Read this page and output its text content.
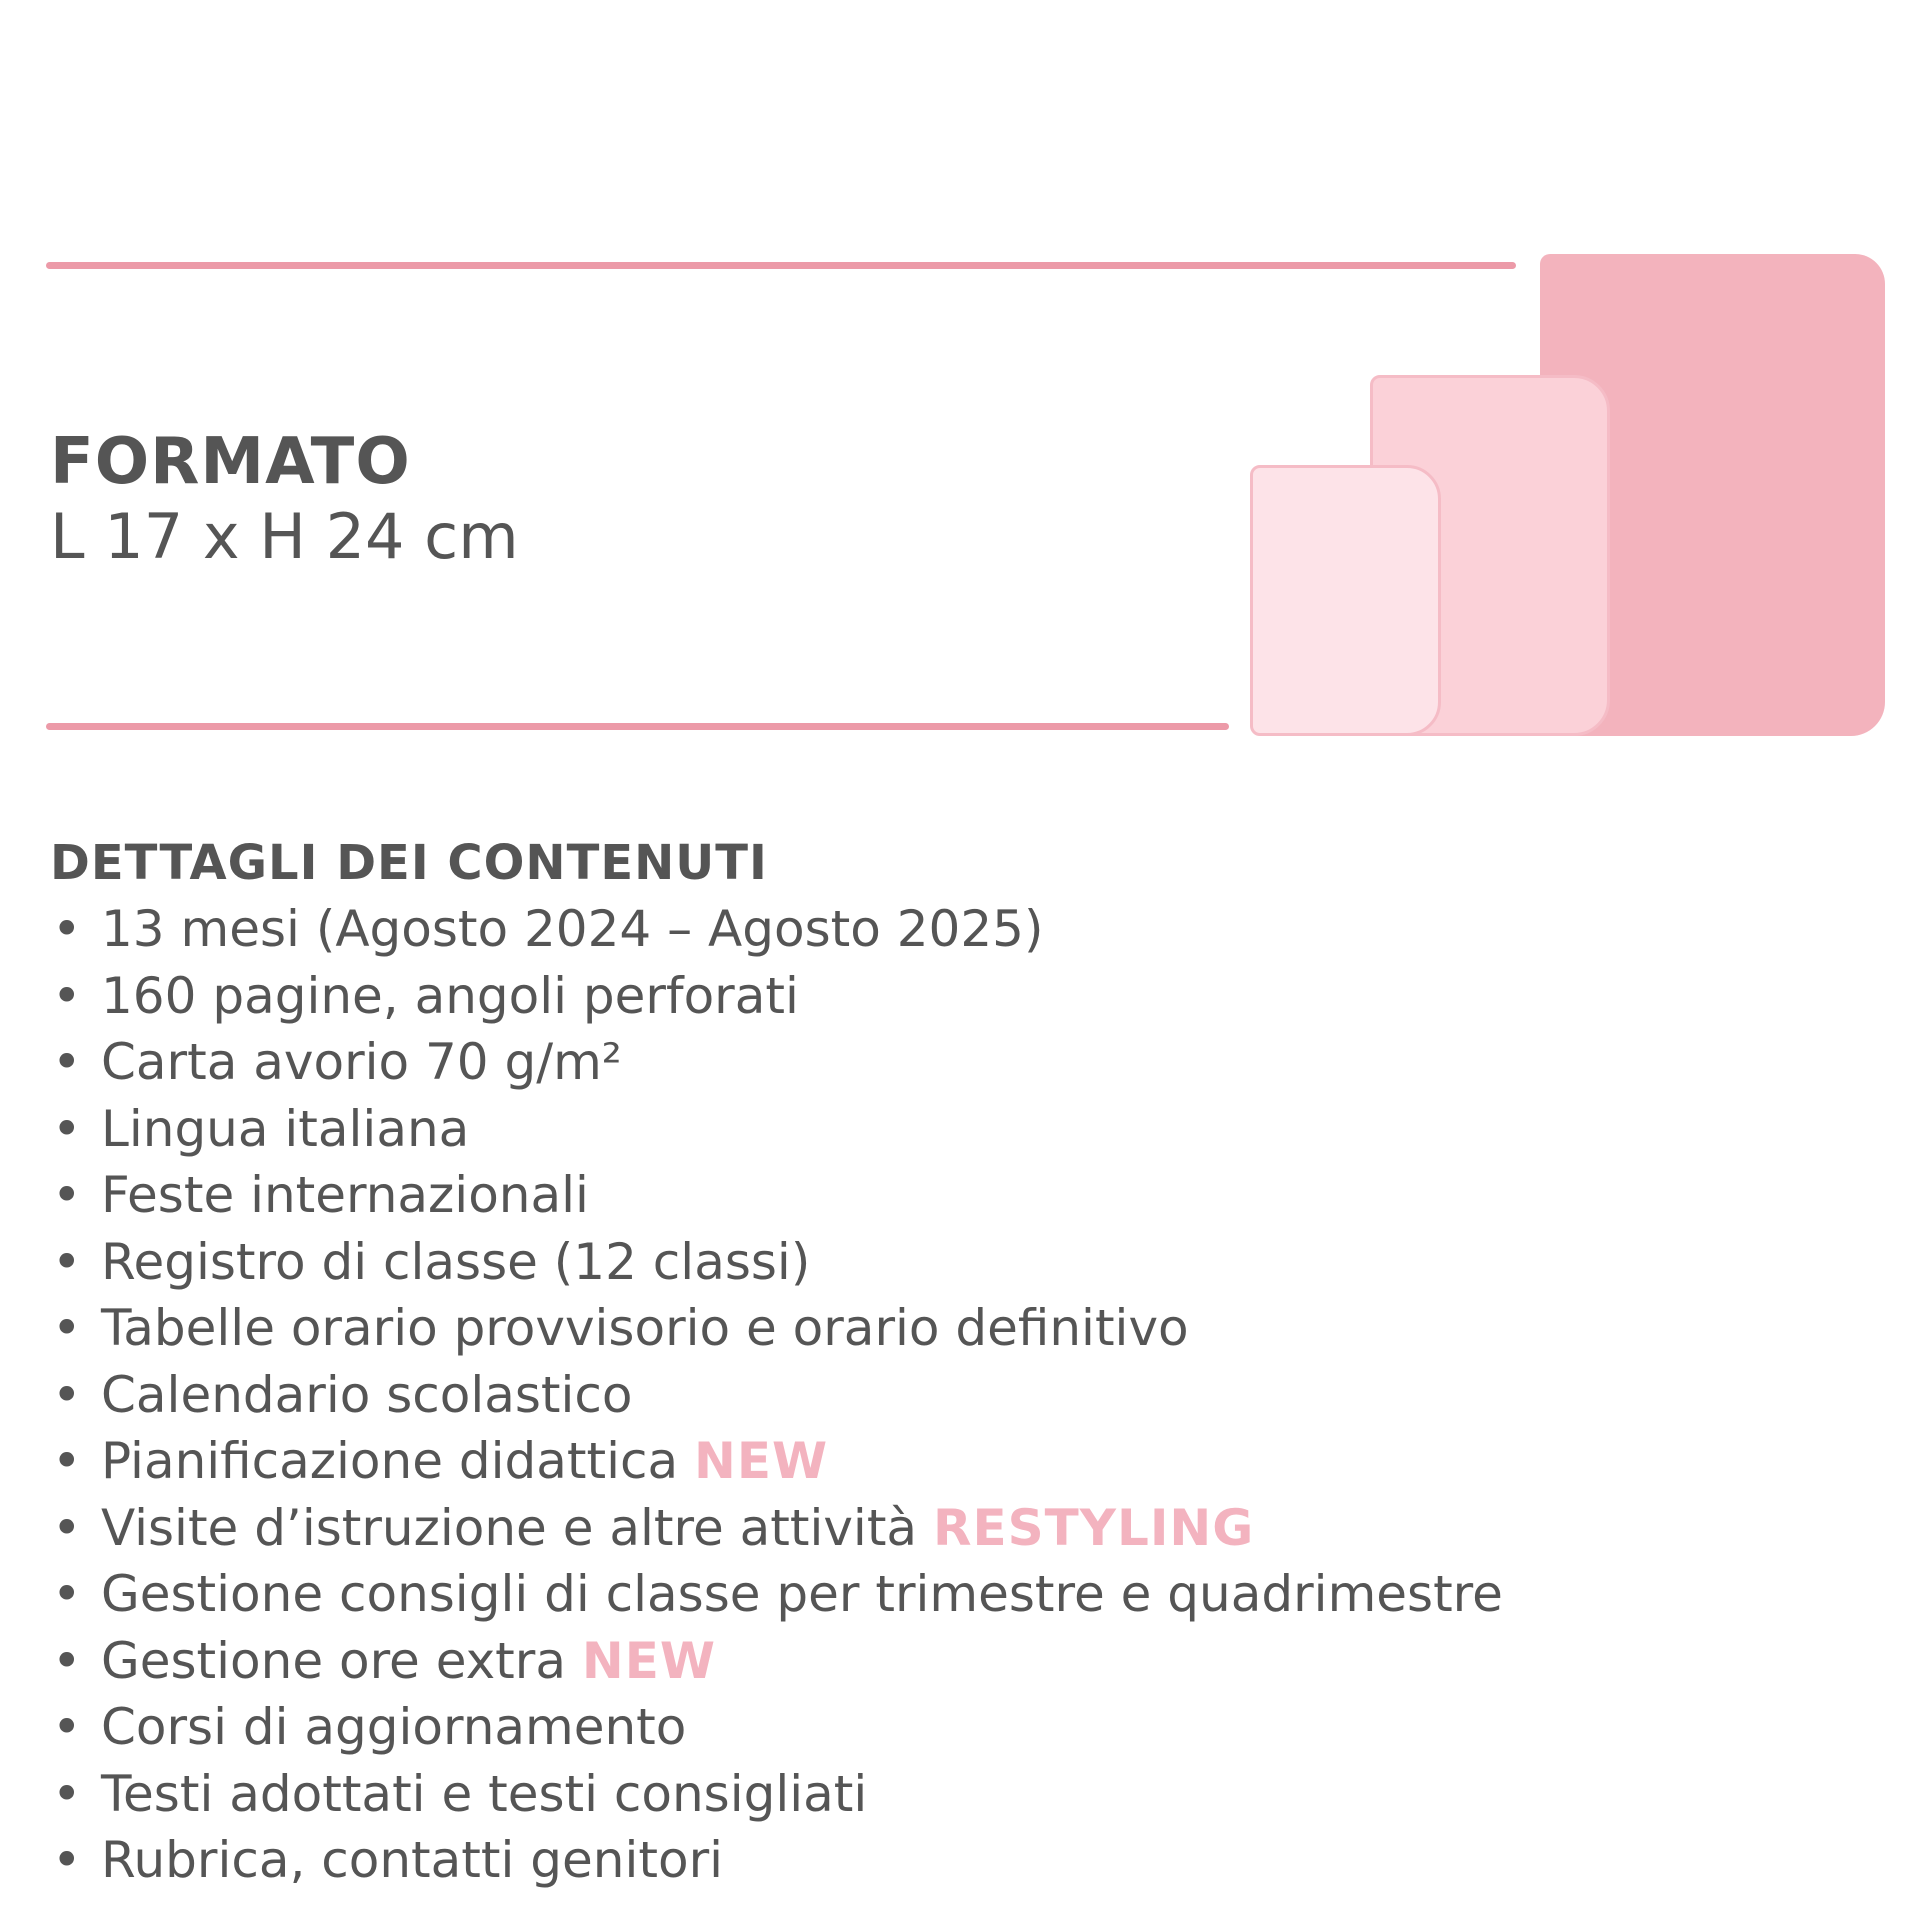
FORMATO
L 17 x H 24 cm
DETTAGLI DEI CONTENUTI
• 13 mesi (Agosto 2024 – Agosto 2025)
• 160 pagine, angoli perforati
• Carta avorio 70 g/m²
• Lingua italiana
• Feste internazionali
• Registro di classe (12 classi)
• Tabelle orario provvisorio e orario definitivo
• Calendario scolastico
• Pianificazione didattica NEW
• Visite d’istruzione e altre attività RESTYLING
• Gestione consigli di classe per trimestre e quadrimestre
• Gestione ore extra NEW
• Corsi di aggiornamento
• Testi adottati e testi consigliati
• Rubrica, contatti genitori
